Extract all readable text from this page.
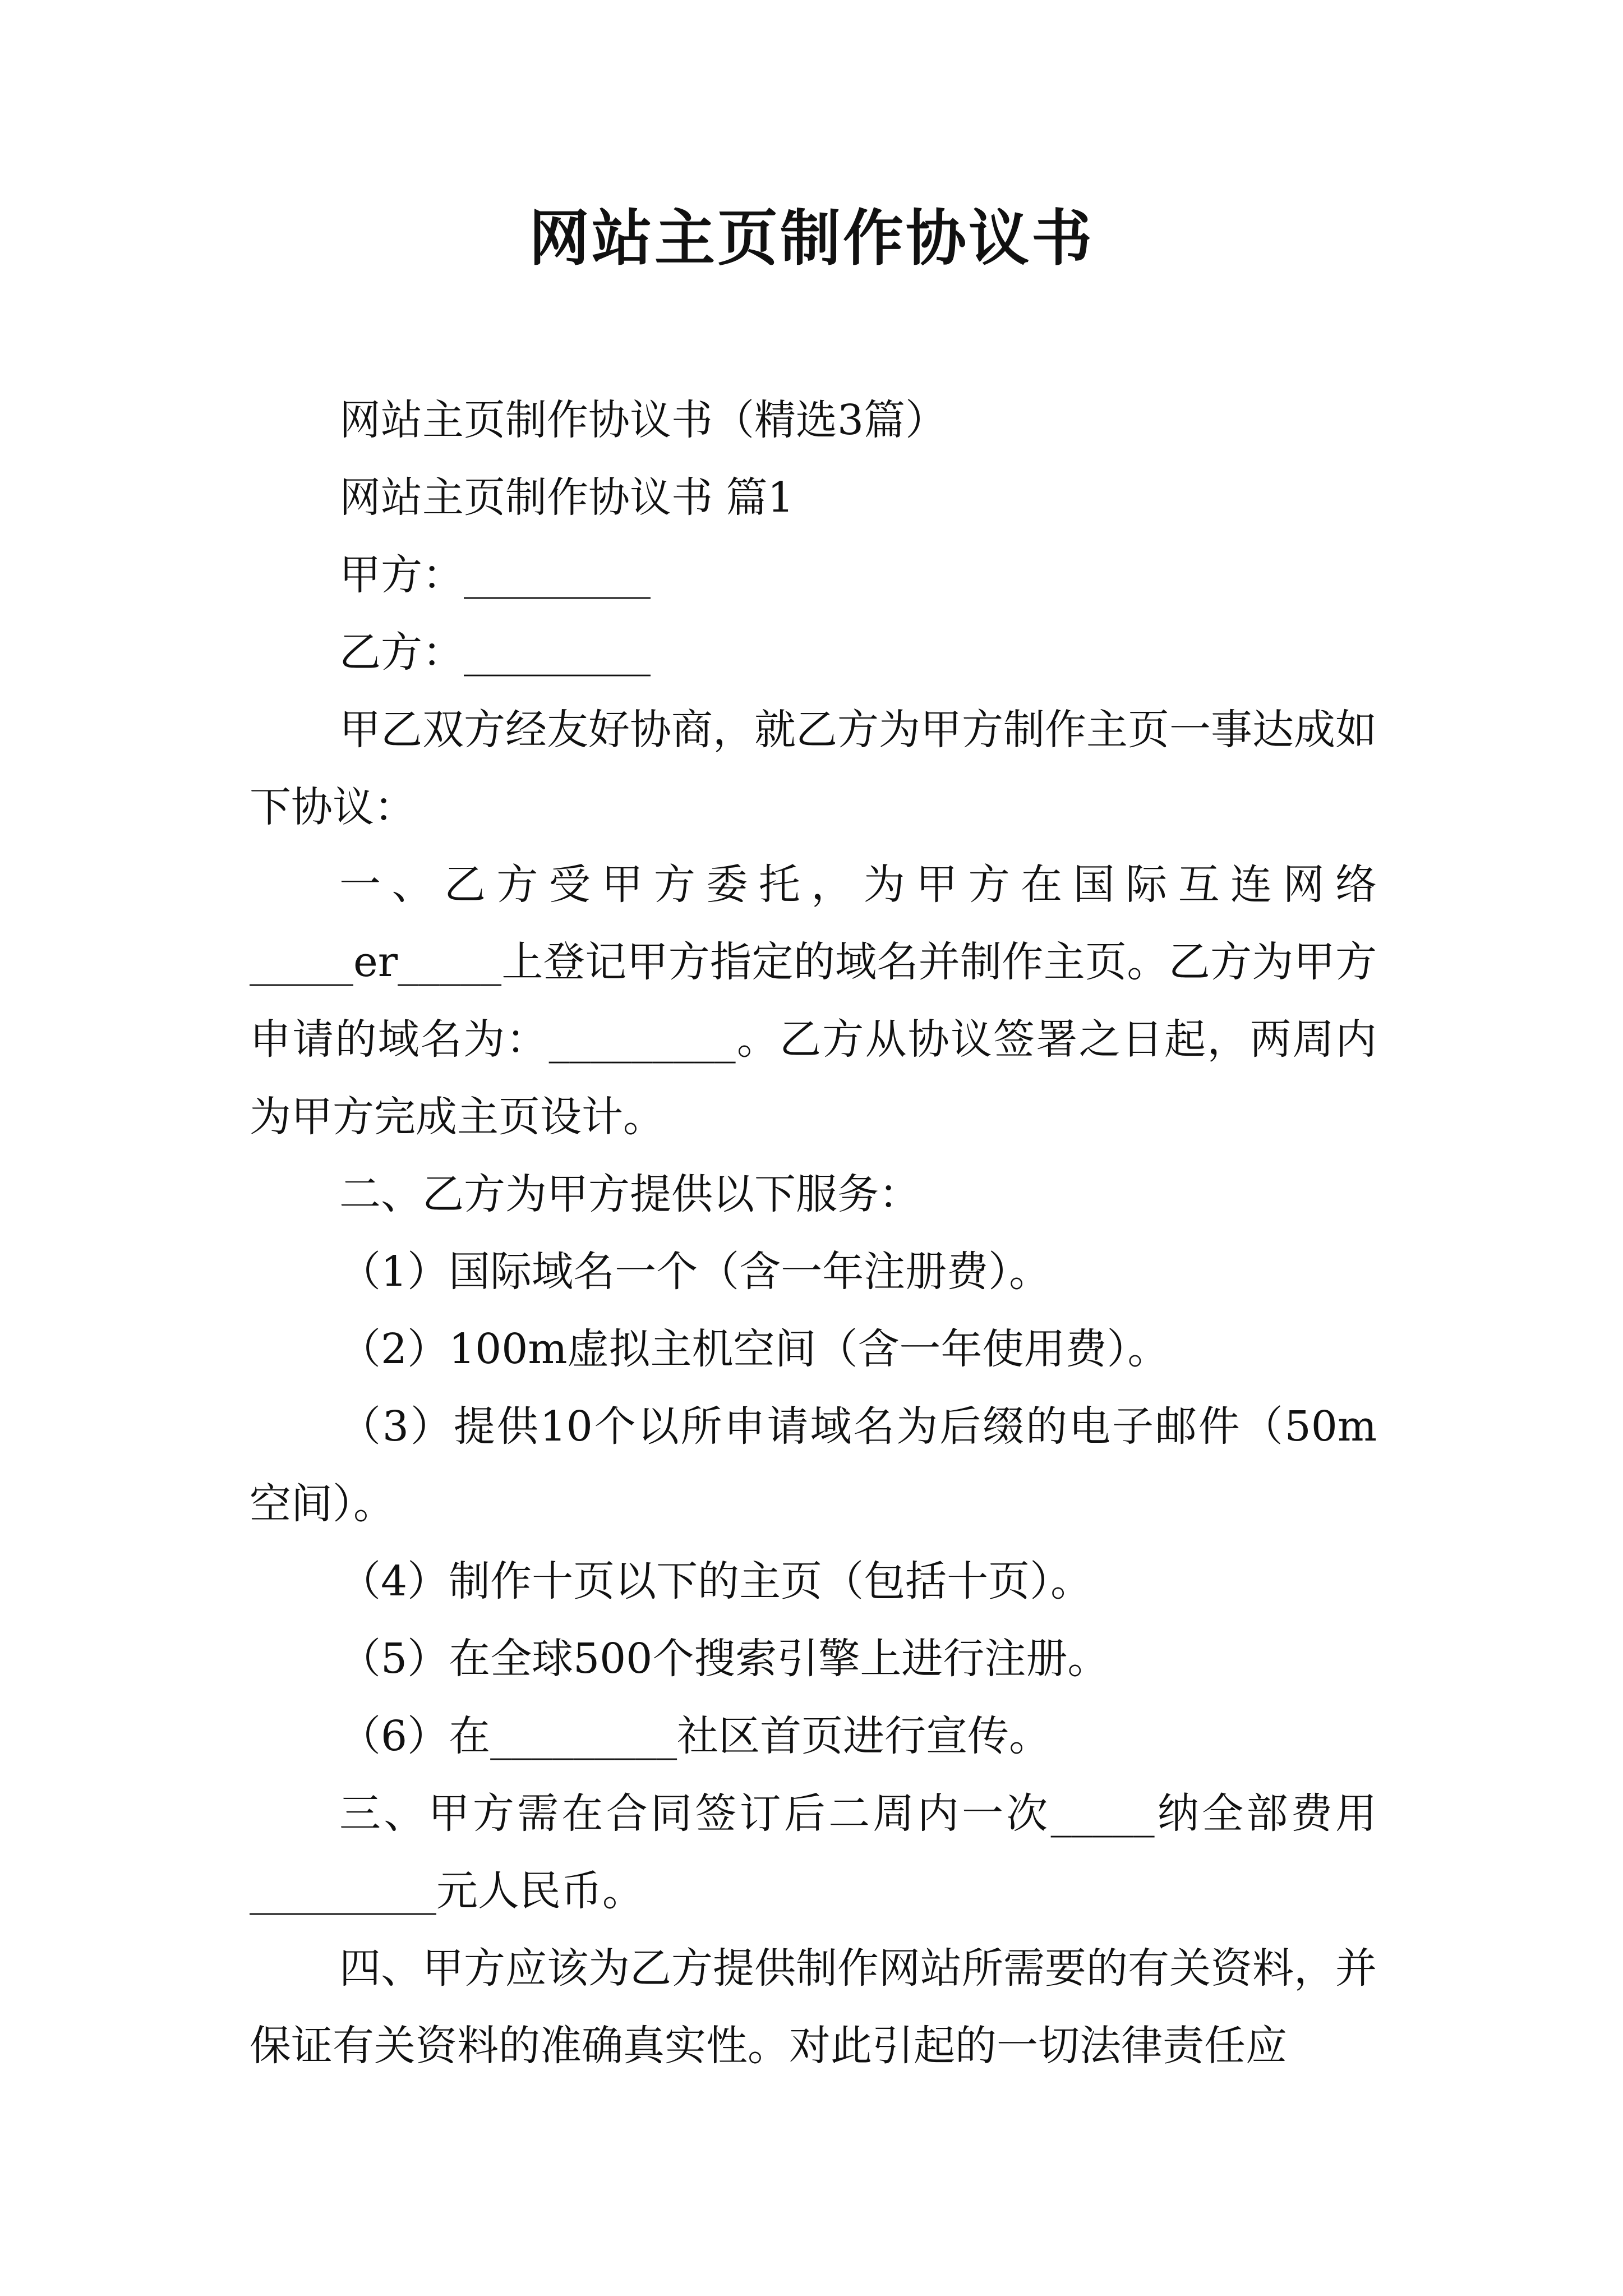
网站主页制作协议书

网站主页制作协议书（精选3篇）

网站主页制作协议书 篇1

甲方：_________

乙方：_________

甲乙双方经友好协商，就乙方为甲方制作主页一事达成如下协议：

一、乙方受甲方委托，为甲方在国际互连网络_____er_____上登记甲方指定的域名并制作主页。乙方为甲方申请的域名为：_________。乙方从协议签署之日起，两周内为甲方完成主页设计。

二、乙方为甲方提供以下服务：

（1）国际域名一个（含一年注册费）。

（2）100m虚拟主机空间（含一年使用费）。

（3）提供10个以所申请域名为后缀的电子邮件（50m空间）。

（4）制作十页以下的主页（包括十页）。

（5）在全球500个搜索引擎上进行注册。

（6）在_________社区首页进行宣传。

三、甲方需在合同签订后二周内一次_____纳全部费用_________元人民币。

四、甲方应该为乙方提供制作网站所需要的有关资料，并保证有关资料的准确真实性。对此引起的一切法律责任应
